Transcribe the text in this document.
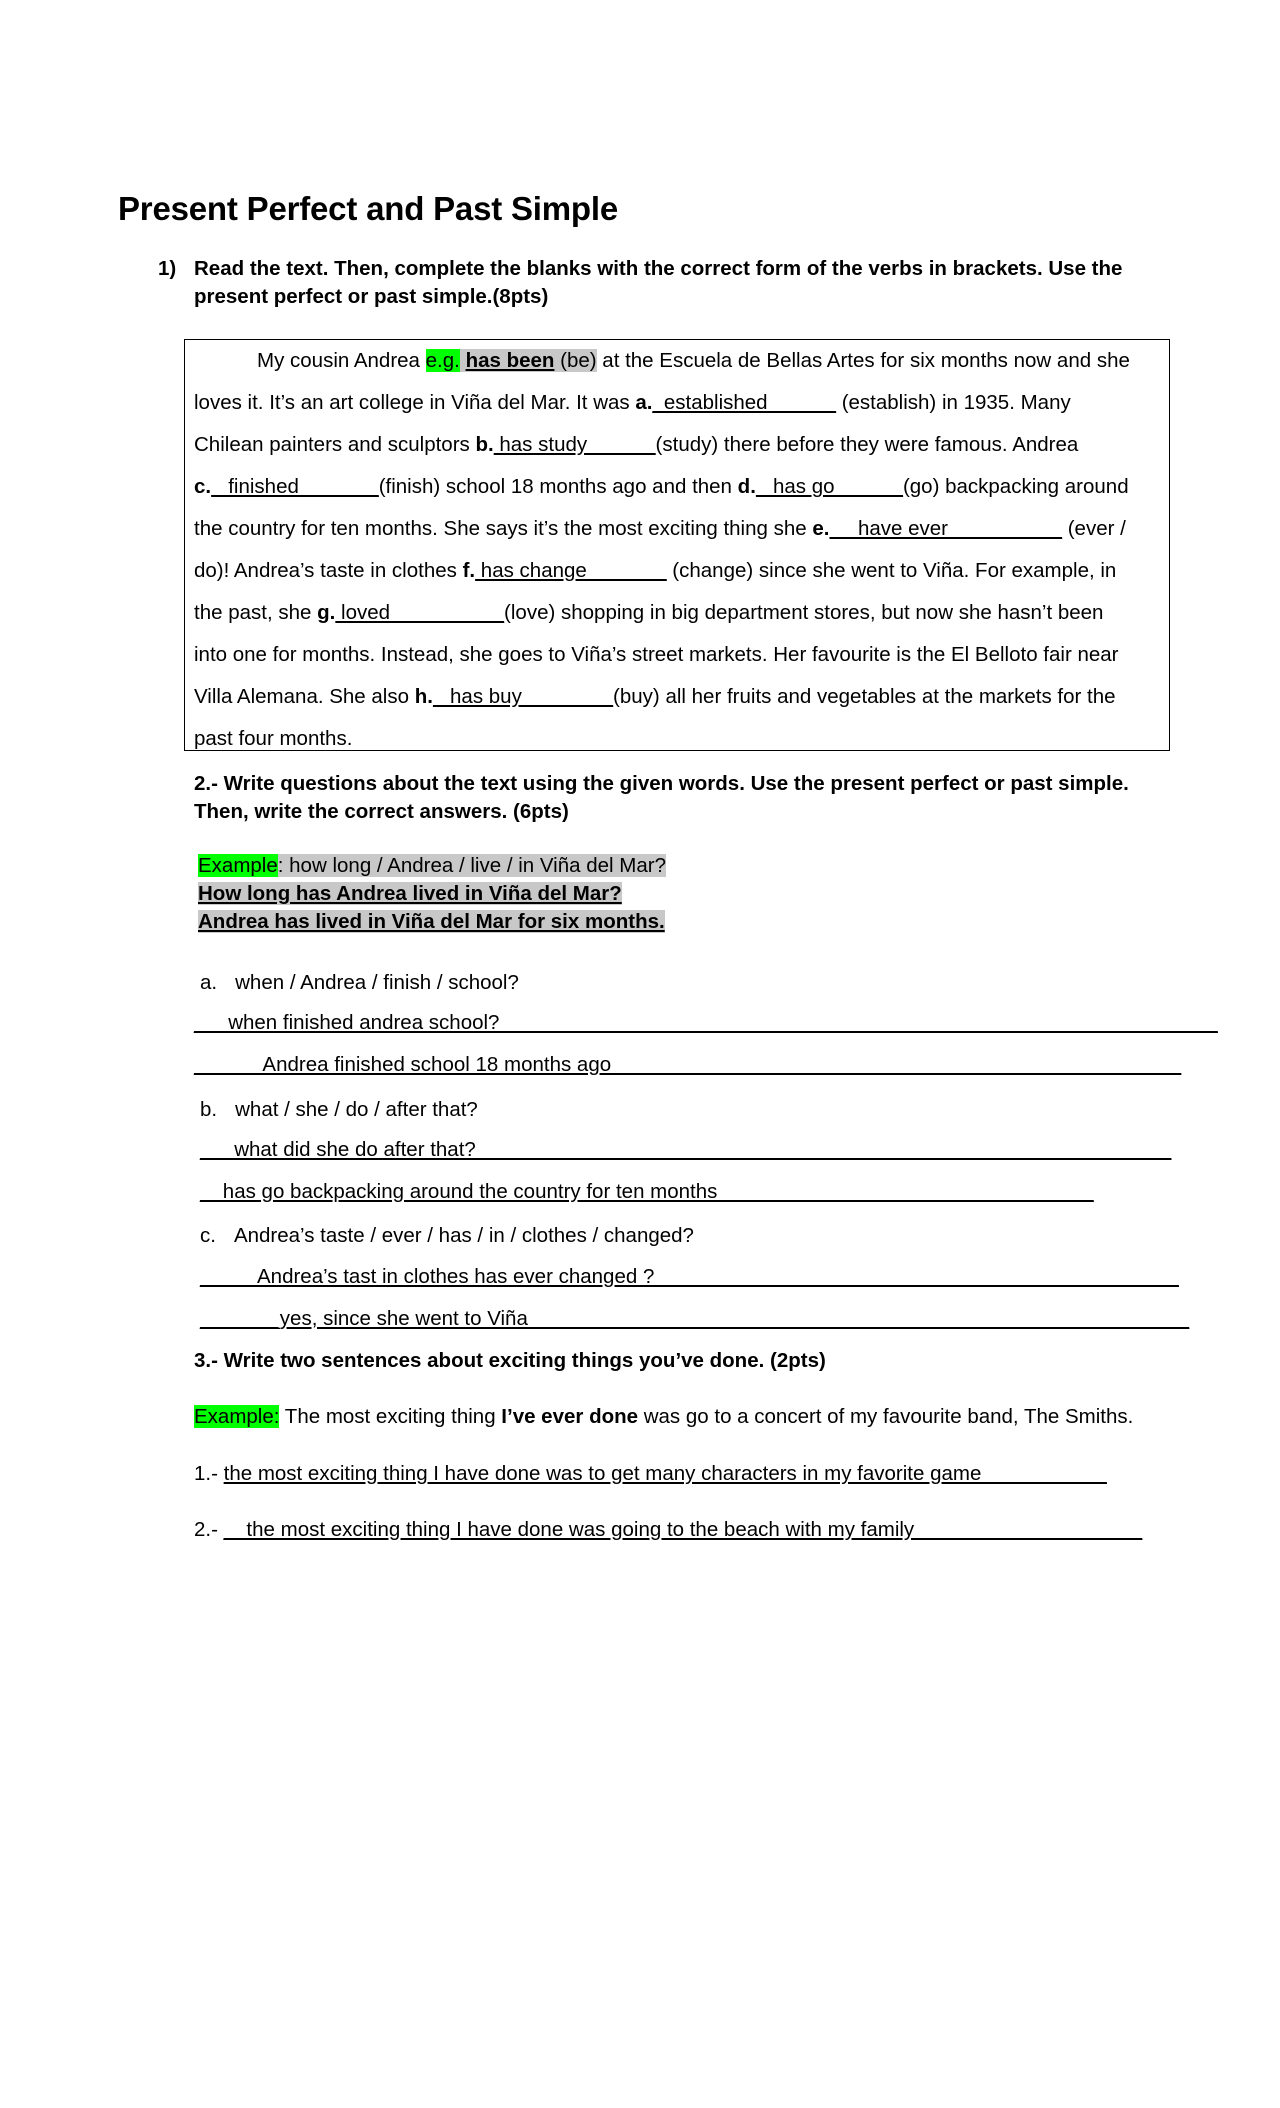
Present Perfect and Past Simple
1) Read the text. Then, complete the blanks with the correct form of the verbs in brackets. Use the present perfect or past simple.(8pts)
My cousin Andrea e.g. has been (be) at the Escuela de Bellas Artes for six months now and she
loves it. It’s an art college in Viña del Mar. It was a._established______ (establish) in 1935. Many
Chilean painters and sculptors b. has study______(study) there before they were famous. Andrea
c. _finished_______(finish) school 18 months ago and then d. _has go______(go) backpacking around
the country for ten months. She says it’s the most exciting thing she e. __have ever__________ (ever /
do)! Andrea’s taste in clothes f. has change_______ (change) since she went to Viña. For example, in
the past, she g. loved__________(love) shopping in big department stores, but now she hasn’t been
into one for months. Instead, she goes to Viña’s street markets. Her favourite is the El Belloto fair near
Villa Alemana. She also h. _has buy________(buy) all her fruits and vegetables at the markets for the
past four months.
2.- Write questions about the text using the given words. Use the present perfect or past simple. Then, write the correct answers. (6pts)
Example: how long / Andrea / live / in Viña del Mar?
How long has Andrea lived in Viña del Mar?
Andrea has lived in Viña del Mar for six months.
a. when / Andrea / finish / school?
___when finished andrea school?_______________________________________________________________
______Andrea finished school 18 months ago__________________________________________________
b. what / she / do / after that?
___what did she do after that?_____________________________________________________________
__has go backpacking around the country for ten months_________________________________
c. Andrea’s taste / ever / has / in / clothes / changed?
_____Andrea’s tast in clothes has ever changed ?______________________________________________
_______yes, since she went to Viña__________________________________________________________
3.- Write two sentences about exciting things you’ve done. (2pts)
Example: The most exciting thing I’ve ever done was go to a concert of my favourite band, The Smiths.
1.- the most exciting thing I have done was to get many characters in my favorite game___________
2.- __the most exciting thing I have done was going to the beach with my family____________________
